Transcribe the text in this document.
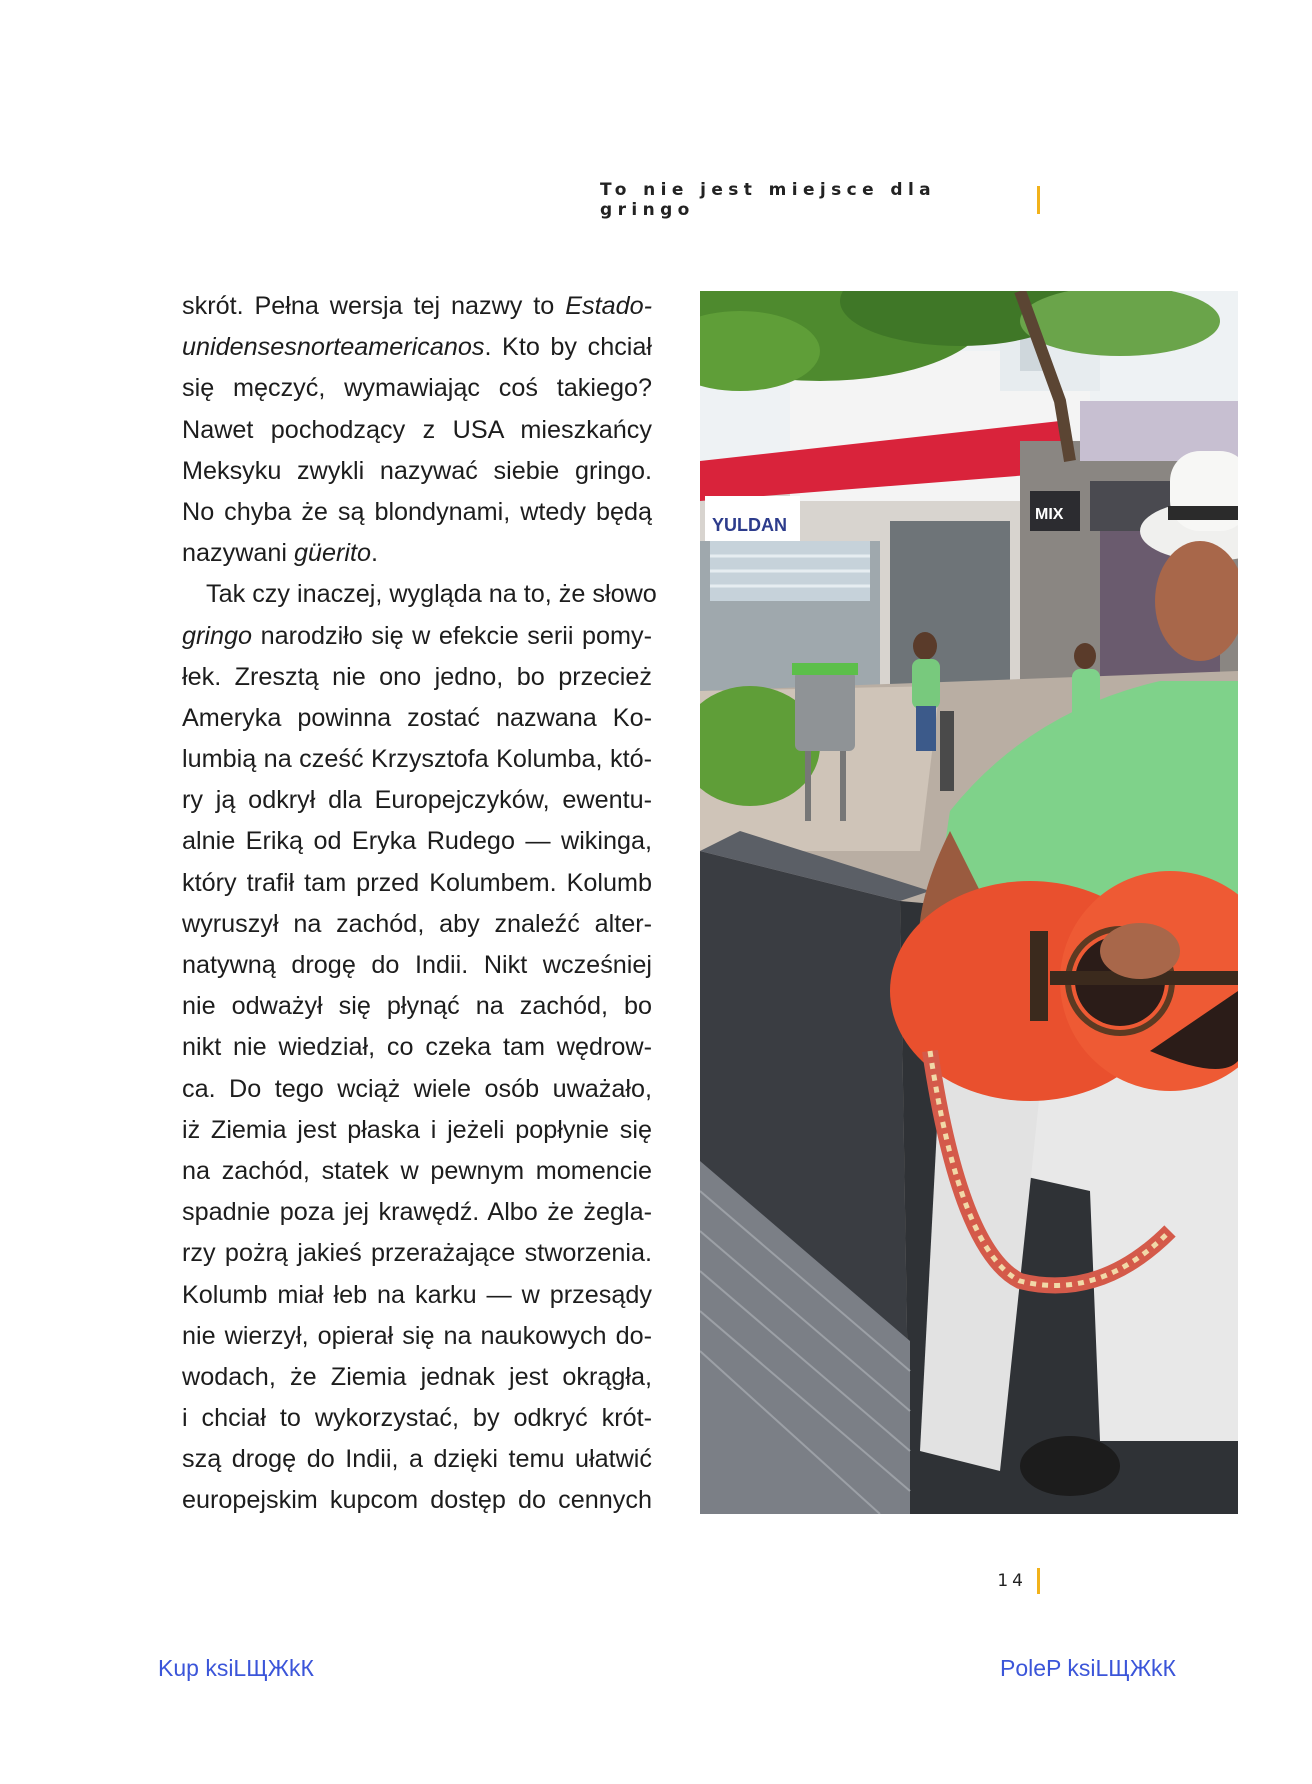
To nie jest miejsce dla gringo
skrót. Pełna wersja tej nazwy to Estado-
unidensesnorteamericanos. Kto by chciał
się męczyć, wymawiając coś takiego?
Nawet pochodzący z USA mieszkańcy
Meksyku zwykli nazywać siebie gringo.
No chyba że są blondynami, wtedy będą
nazywani güerito.
Tak czy inaczej, wygląda na to, że słowo
gringo narodziło się w efekcie serii pomy-
łek. Zresztą nie ono jedno, bo przecież
Ameryka powinna zostać nazwana Ko-
lumbią na cześć Krzysztofa Kolumba, któ-
ry ją odkrył dla Europejczyków, ewentu-
alnie Eriką od Eryka Rudego — wikinga,
który trafił tam przed Kolumbem. Kolumb
wyruszył na zachód, aby znaleźć alter-
natywną drogę do Indii. Nikt wcześniej
nie odważył się płynąć na zachód, bo
nikt nie wiedział, co czeka tam wędrow-
ca. Do tego wciąż wiele osób uważało,
iż Ziemia jest płaska i jeżeli popłynie się
na zachód, statek w pewnym momencie
spadnie poza jej krawędź. Albo że żegla-
rzy pożrą jakieś przerażające stworzenia.
Kolumb miał łeb na karku — w przesądy
nie wierzył, opierał się na naukowych do-
wodach, że Ziemia jednak jest okrągła,
i chciał to wykorzystać, by odkryć krót-
szą drogę do Indii, a dzięki temu ułatwić
europejskim kupcom dostęp do cennych
YULDAN
MIX
14
Kup ksiLЩЖkК	PoleP ksiLЩЖkК
